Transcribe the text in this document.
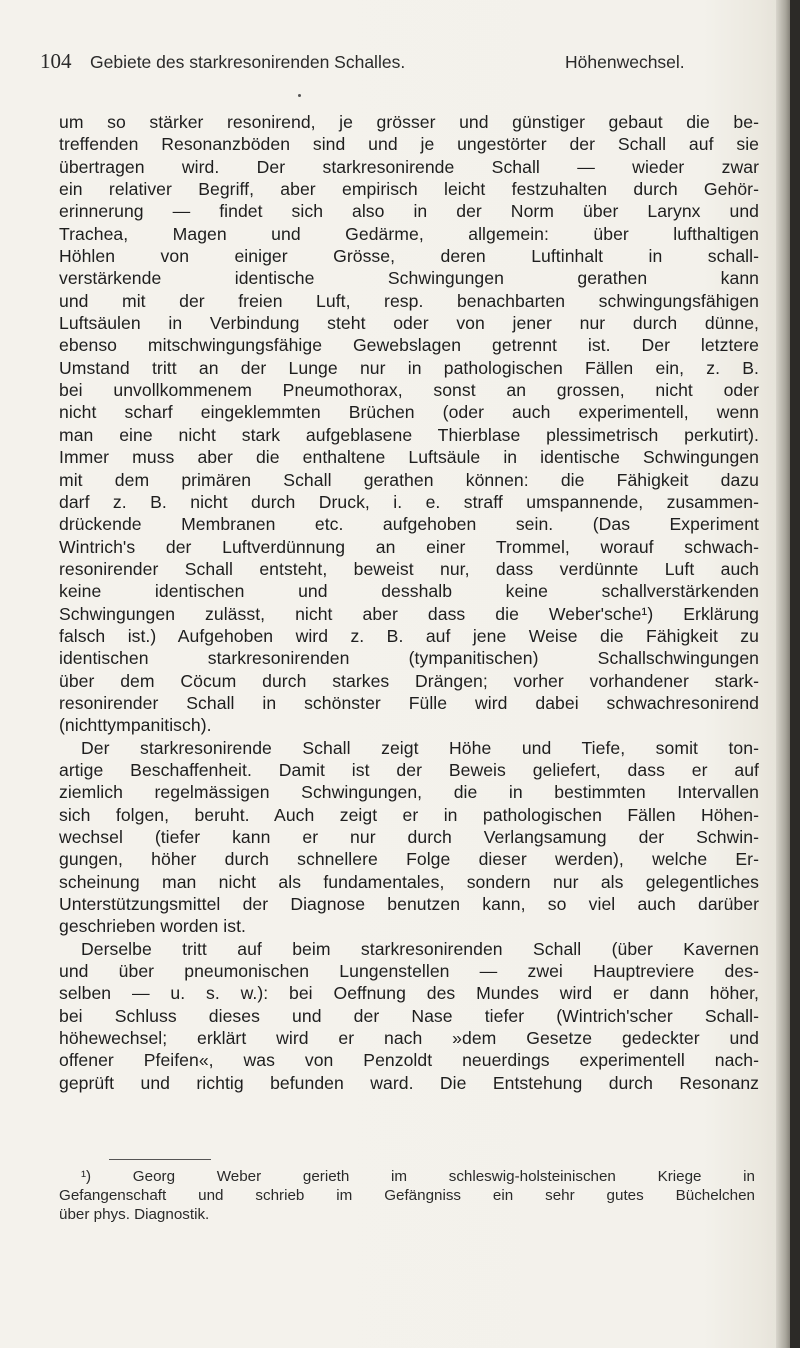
104 Gebiete des starkresonirenden Schalles.	Höhenwechsel.
um so stärker resonirend, je grösser und günstiger gebaut die be-
treffenden Resonanzböden sind und je ungestörter der Schall auf sie
übertragen wird. Der starkresonirende Schall — wieder zwar
ein relativer Begriff, aber empirisch leicht festzuhalten durch Gehör-
erinnerung — findet sich also in der Norm über Larynx und
Trachea, Magen und Gedärme, allgemein: über lufthaltigen
Höhlen von einiger Grösse, deren Luftinhalt in schall-
verstärkende identische Schwingungen gerathen kann
und mit der freien Luft, resp. benachbarten schwingungsfähigen
Luftsäulen in Verbindung steht oder von jener nur durch dünne,
ebenso mitschwingungsfähige Gewebslagen getrennt ist. Der letztere
Umstand tritt an der Lunge nur in pathologischen Fällen ein, z. B.
bei unvollkommenem Pneumothorax, sonst an grossen, nicht oder
nicht scharf eingeklemmten Brüchen (oder auch experimentell, wenn
man eine nicht stark aufgeblasene Thierblase plessimetrisch perkutirt).
Immer muss aber die enthaltene Luftsäule in identische Schwingungen
mit dem primären Schall gerathen können: die Fähigkeit dazu
darf z. B. nicht durch Druck, i. e. straff umspannende, zusammen-
drückende Membranen etc. aufgehoben sein. (Das Experiment
Wintrich's der Luftverdünnung an einer Trommel, worauf schwach-
resonirender Schall entsteht, beweist nur, dass verdünnte Luft auch
keine identischen und desshalb keine schallverstärkenden
Schwingungen zulässt, nicht aber dass die Weber'sche¹) Erklärung
falsch ist.) Aufgehoben wird z. B. auf jene Weise die Fähigkeit zu
identischen starkresonirenden (tympanitischen) Schallschwingungen
über dem Cöcum durch starkes Drängen; vorher vorhandener stark-
resonirender Schall in schönster Fülle wird dabei schwachresonirend
(nichttympanitisch).
Der starkresonirende Schall zeigt Höhe und Tiefe, somit ton-
artige Beschaffenheit. Damit ist der Beweis geliefert, dass er auf
ziemlich regelmässigen Schwingungen, die in bestimmten Intervallen
sich folgen, beruht. Auch zeigt er in pathologischen Fällen Höhen-
wechsel (tiefer kann er nur durch Verlangsamung der Schwin-
gungen, höher durch schnellere Folge dieser werden), welche Er-
scheinung man nicht als fundamentales, sondern nur als gelegentliches
Unterstützungsmittel der Diagnose benutzen kann, so viel auch darüber
geschrieben worden ist.
Derselbe tritt auf beim starkresonirenden Schall (über Kavernen
und über pneumonischen Lungenstellen — zwei Hauptreviere des-
selben — u. s. w.): bei Oeffnung des Mundes wird er dann höher,
bei Schluss dieses und der Nase tiefer (Wintrich'scher Schall-
höhewechsel; erklärt wird er nach »dem Gesetze gedeckter und
offener Pfeifen«, was von Penzoldt neuerdings experimentell nach-
geprüft und richtig befunden ward. Die Entstehung durch Resonanz
¹) Georg Weber gerieth im schleswig-holsteinischen Kriege in
Gefangenschaft und schrieb im Gefängniss ein sehr gutes Büchelchen
über phys. Diagnostik.
